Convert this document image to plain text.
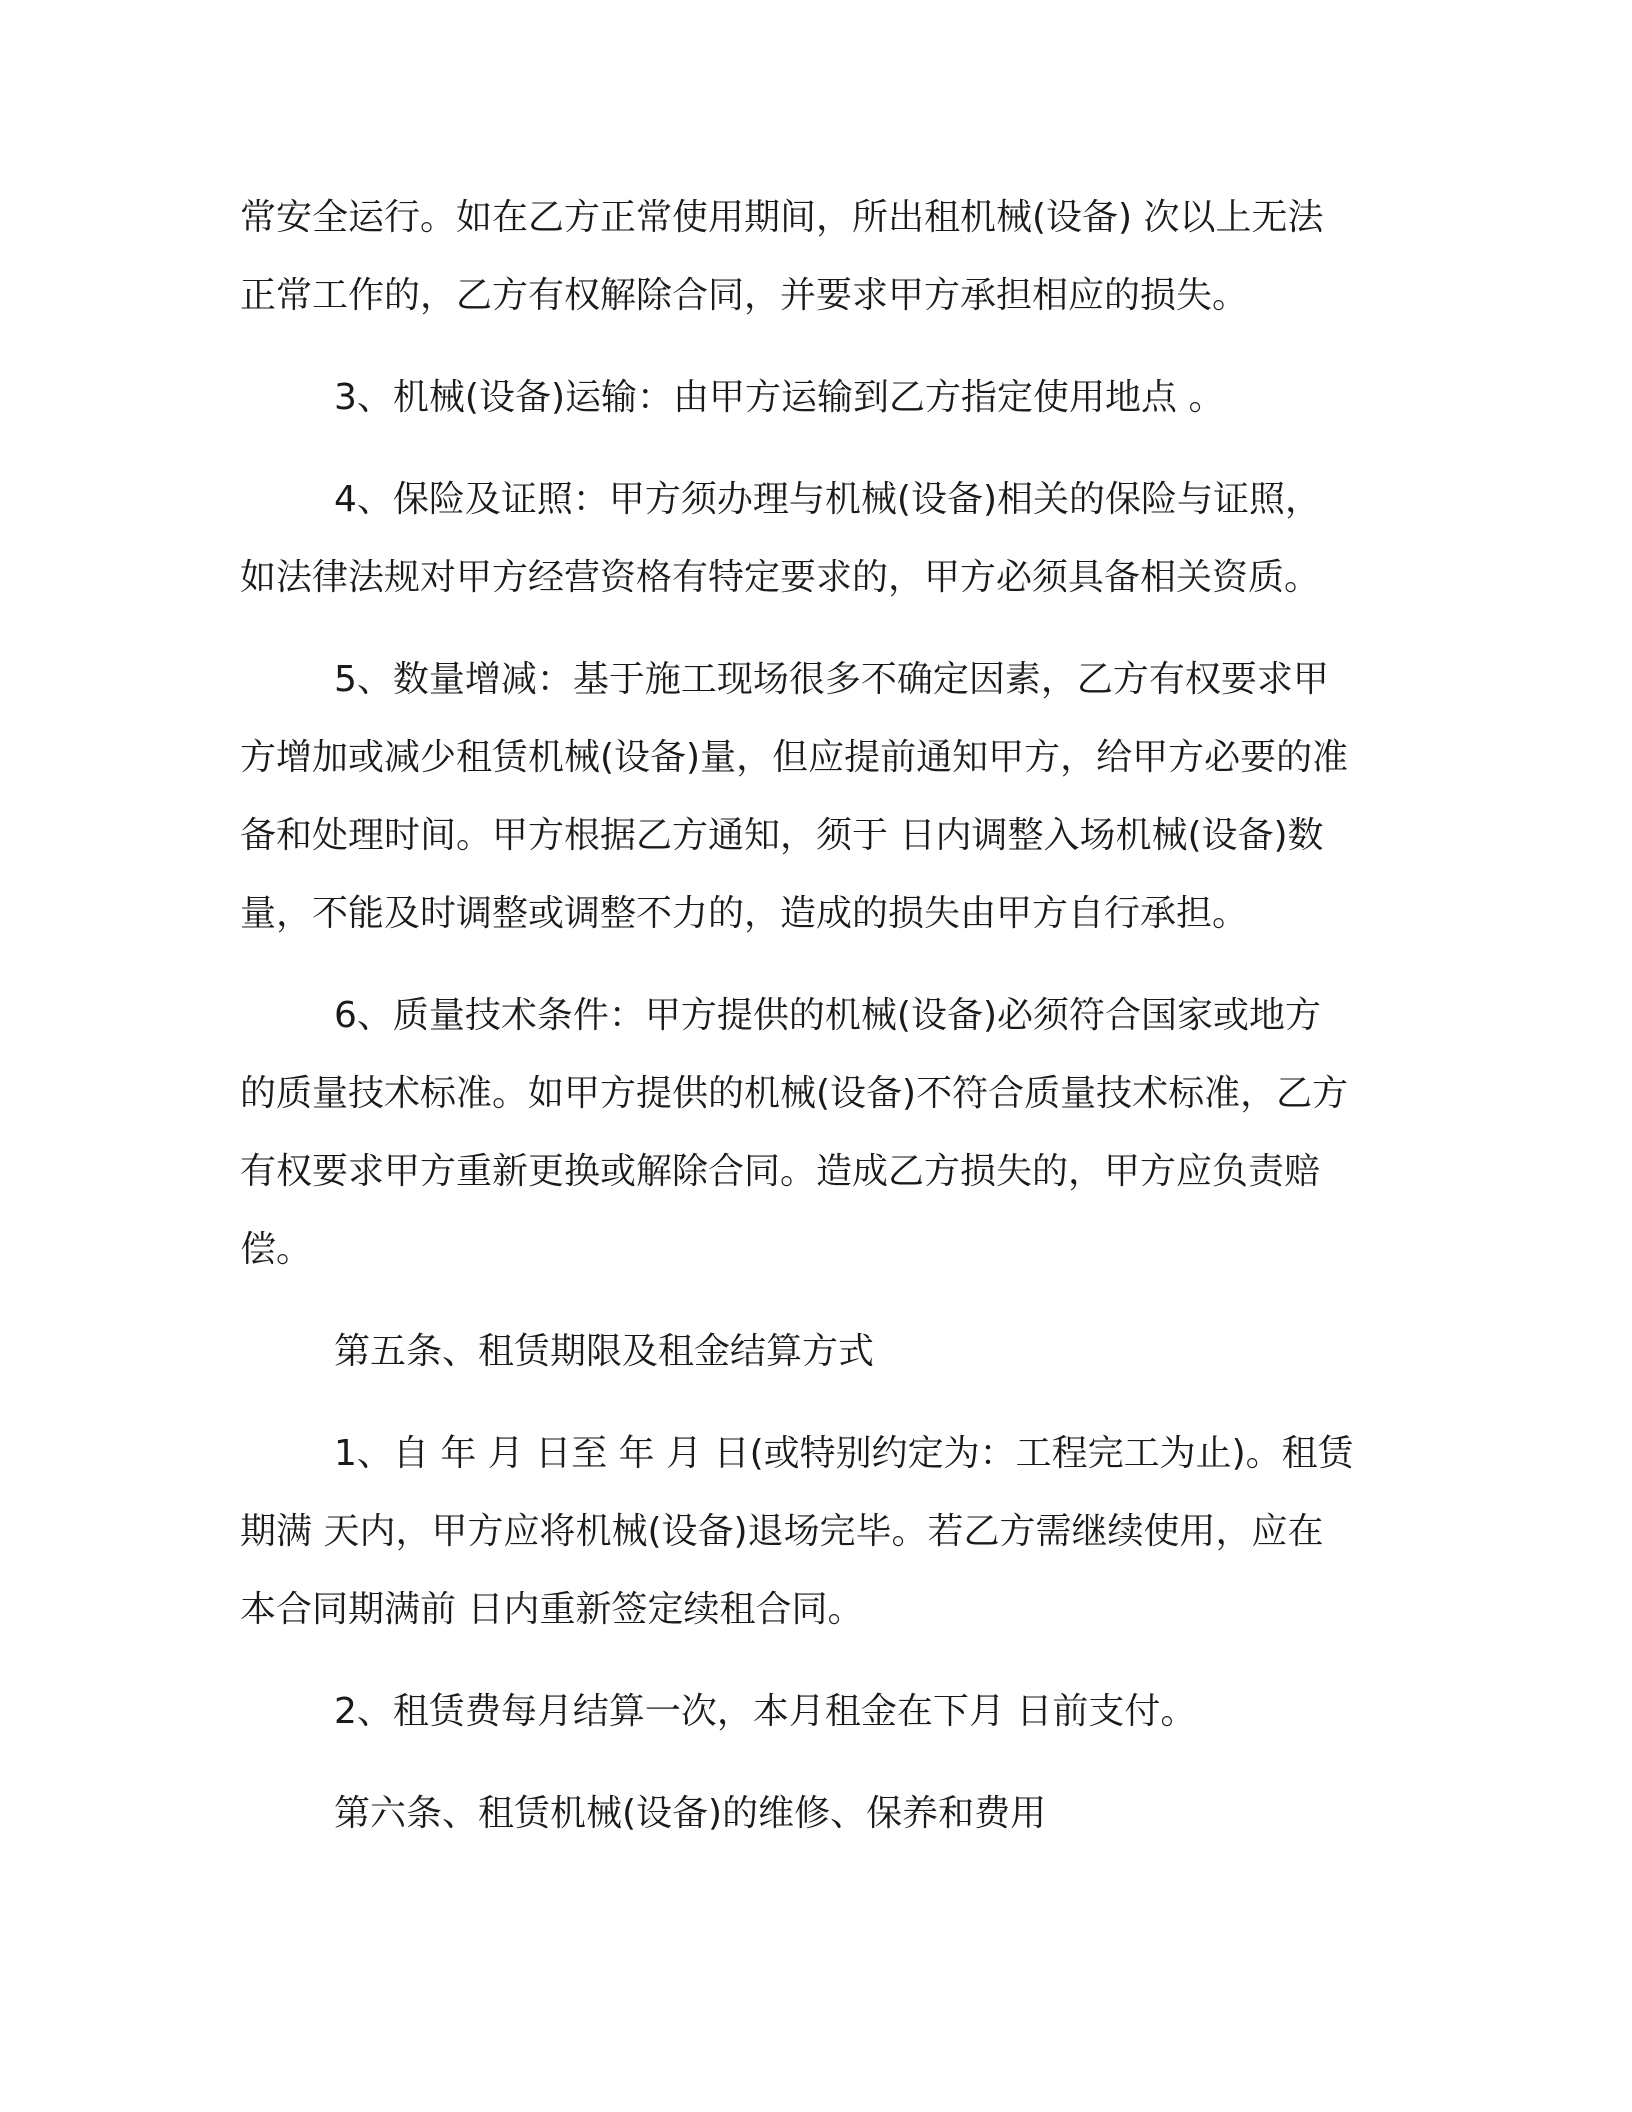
常安全运行。如在乙方正常使用期间，所出租机械(设备) 次以上无法
正常工作的，乙方有权解除合同，并要求甲方承担相应的损失。
3、机械(设备)运输：由甲方运输到乙方指定使用地点 。
4、保险及证照：甲方须办理与机械(设备)相关的保险与证照，
如法律法规对甲方经营资格有特定要求的，甲方必须具备相关资质。
5、数量增减：基于施工现场很多不确定因素，乙方有权要求甲
方增加或减少租赁机械(设备)量，但应提前通知甲方，给甲方必要的准
备和处理时间。甲方根据乙方通知，须于 日内调整入场机械(设备)数
量，不能及时调整或调整不力的，造成的损失由甲方自行承担。
6、质量技术条件：甲方提供的机械(设备)必须符合国家或地方
的质量技术标准。如甲方提供的机械(设备)不符合质量技术标准，乙方
有权要求甲方重新更换或解除合同。造成乙方损失的，甲方应负责赔
偿。
第五条、租赁期限及租金结算方式
1、自 年 月 日至 年 月 日(或特别约定为：工程完工为止)。租赁
期满 天内，甲方应将机械(设备)退场完毕。若乙方需继续使用，应在
本合同期满前 日内重新签定续租合同。
2、租赁费每月结算一次，本月租金在下月 日前支付。
第六条、租赁机械(设备)的维修、保养和费用
